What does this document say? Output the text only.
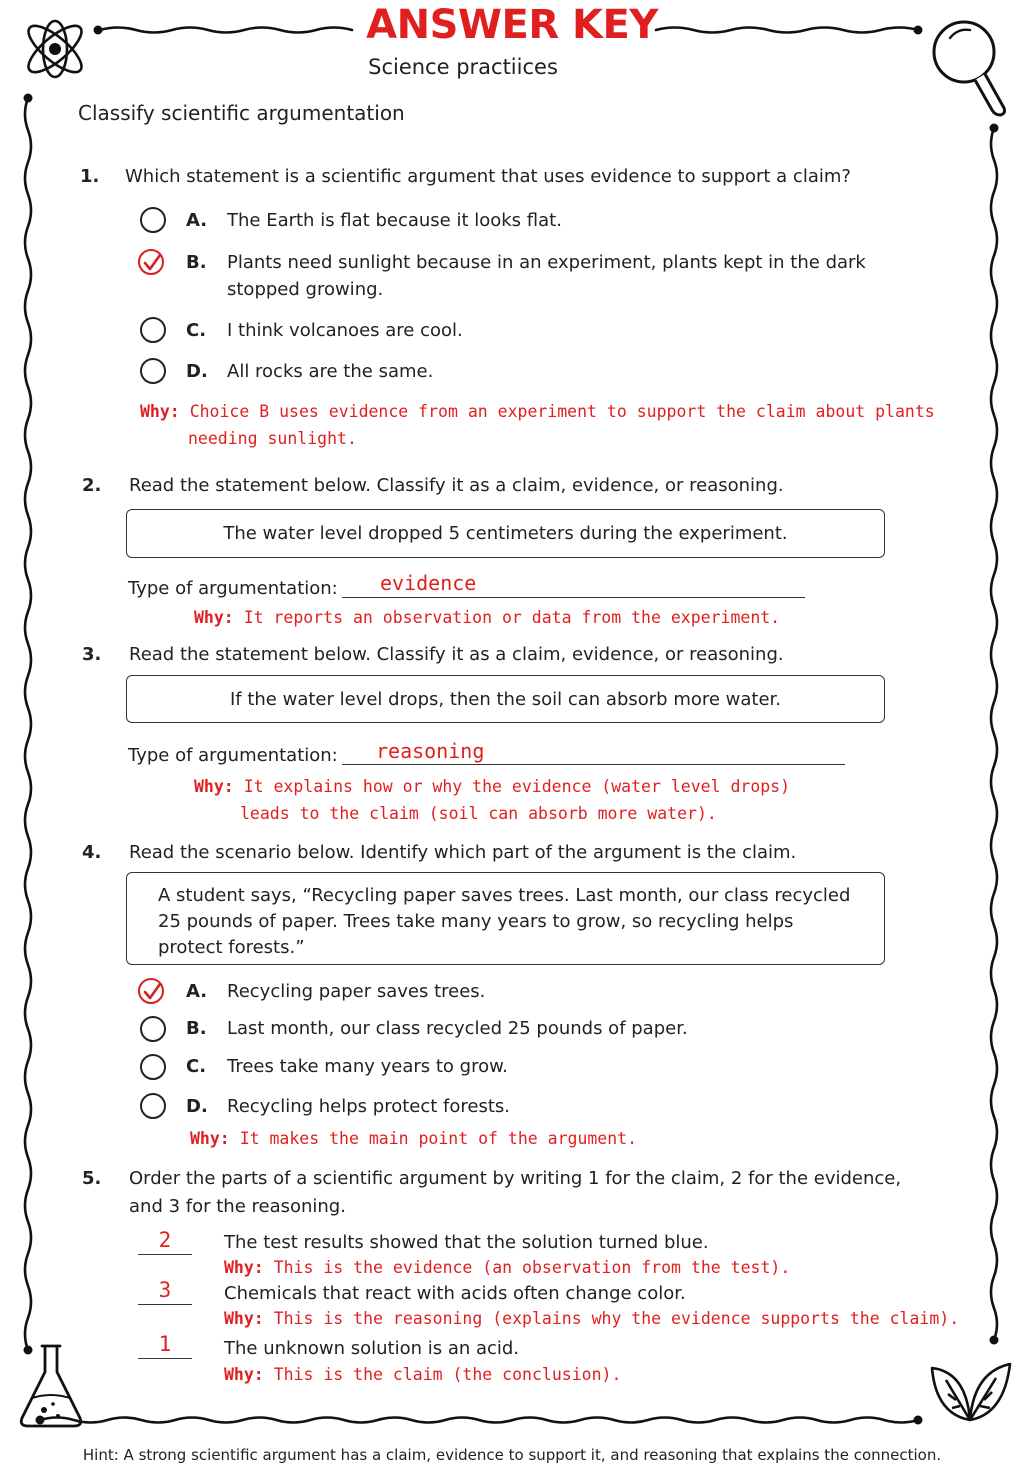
ANSWER KEY
Science practiices
Classify scientific argumentation
1. Which statement is a scientific argument that uses evidence to support a claim?
A. The Earth is flat because it looks flat.
B. Plants need sunlight because in an experiment, plants kept in the dark
stopped growing.
C. I think volcanoes are cool.
D. All rocks are the same.
Why: Choice B uses evidence from an experiment to support the claim about plants
needing sunlight.
2. Read the statement below. Classify it as a claim, evidence, or reasoning.
The water level dropped 5 centimeters during the experiment.
Type of argumentation: evidence
Why: It reports an observation or data from the experiment.
3. Read the statement below. Classify it as a claim, evidence, or reasoning.
If the water level drops, then the soil can absorb more water.
Type of argumentation: reasoning
Why: It explains how or why the evidence (water level drops)
leads to the claim (soil can absorb more water).
4. Read the scenario below. Identify which part of the argument is the claim.
A student says, “Recycling paper saves trees. Last month, our class recycled
25 pounds of paper. Trees take many years to grow, so recycling helps
protect forests.”
A. Recycling paper saves trees.
B. Last month, our class recycled 25 pounds of paper.
C. Trees take many years to grow.
D. Recycling helps protect forests.
Why: It makes the main point of the argument.
5. Order the parts of a scientific argument by writing 1 for the claim, 2 for the evidence,
and 3 for the reasoning.
2	The test results showed that the solution turned blue.
Why: This is the evidence (an observation from the test).
3	Chemicals that react with acids often change color.
Why: This is the reasoning (explains why the evidence supports the claim).
1	The unknown solution is an acid.
Why: This is the claim (the conclusion).
Hint: A strong scientific argument has a claim, evidence to support it, and reasoning that explains the connection.
